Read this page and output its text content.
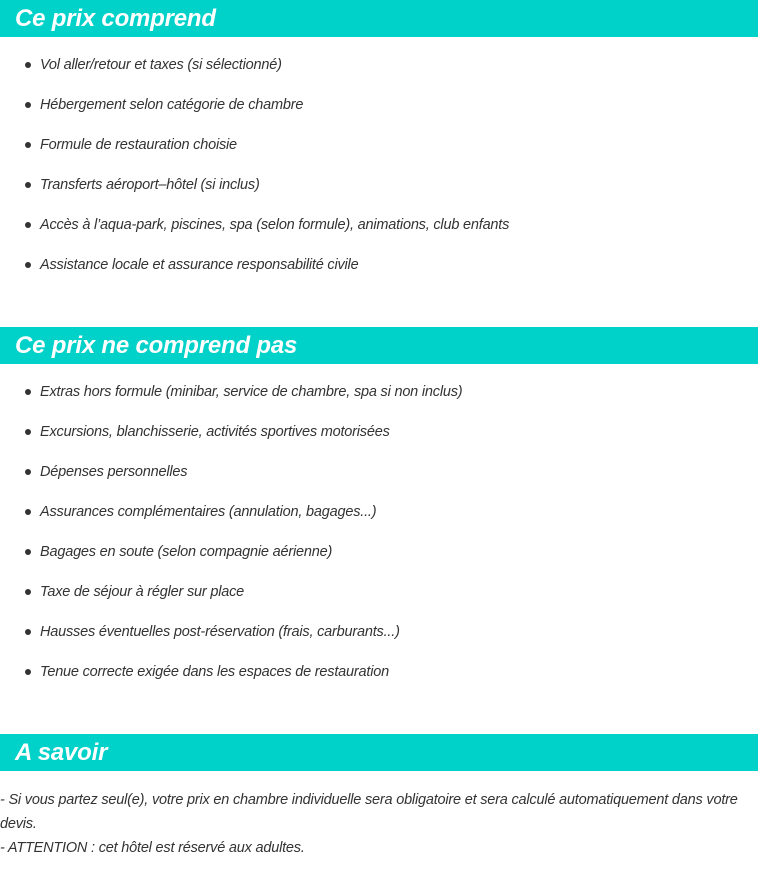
Ce prix comprend
Vol aller/retour et taxes (si sélectionné)
Hébergement selon catégorie de chambre
Formule de restauration choisie
Transferts aéroport–hôtel (si inclus)
Accès à l’aqua-park, piscines, spa (selon formule), animations, club enfants
Assistance locale et assurance responsabilité civile
Ce prix ne comprend pas
Extras hors formule (minibar, service de chambre, spa si non inclus)
Excursions, blanchisserie, activités sportives motorisées
Dépenses personnelles
Assurances complémentaires (annulation, bagages...)
Bagages en soute (selon compagnie aérienne)
Taxe de séjour à régler sur place
Hausses éventuelles post-réservation (frais, carburants...)
Tenue correcte exigée dans les espaces de restauration
A savoir

- Si vous partez seul(e), votre prix en chambre individuelle sera obligatoire et sera calculé automatiquement dans votre devis.

- ATTENTION : cet hôtel est réservé aux adultes.
